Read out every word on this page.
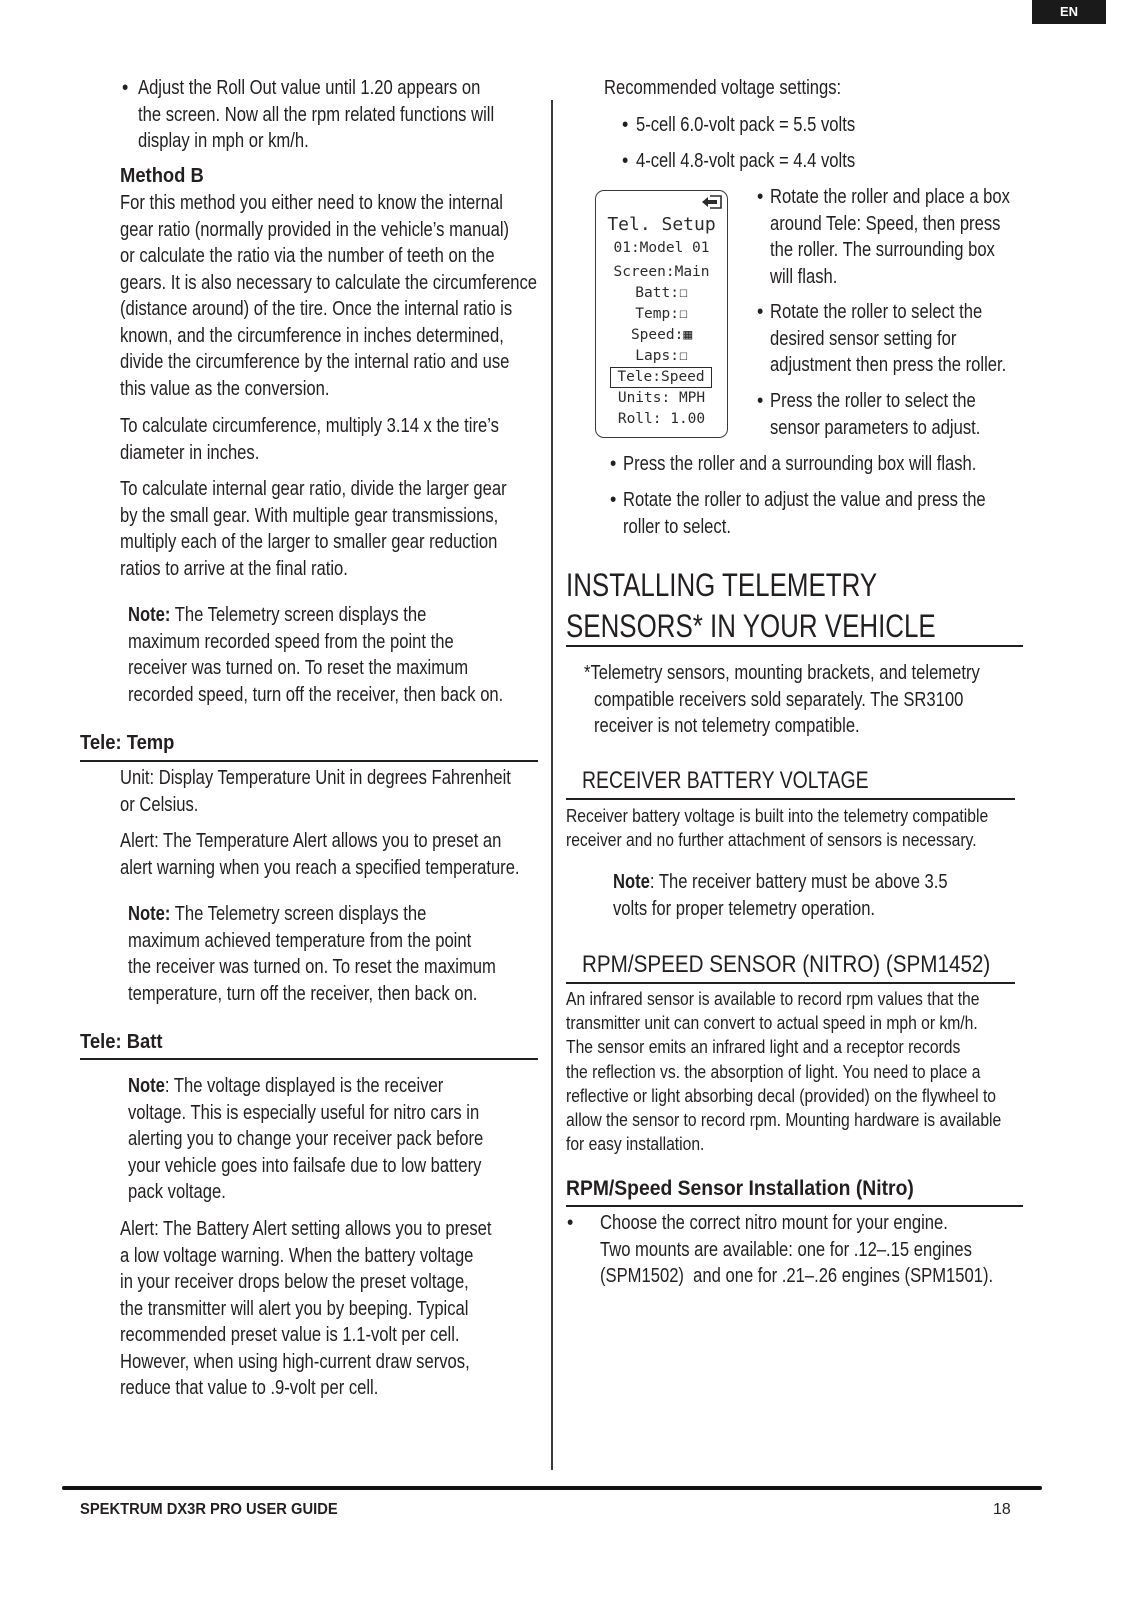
EN
• Adjust the Roll Out value until 1.20 appears on
the screen. Now all the rpm related functions will
display in mph or km/h.
Method B
For this method you either need to know the internal
gear ratio (normally provided in the vehicle’s manual)
or calculate the ratio via the number of teeth on the
gears. It is also necessary to calculate the circumference
(distance around) of the tire. Once the internal ratio is
known, and the circumference in inches determined,
divide the circumference by the internal ratio and use
this value as the conversion.
To calculate circumference, multiply 3.14 x the tire’s
diameter in inches.
To calculate internal gear ratio, divide the larger gear
by the small gear. With multiple gear transmissions,
multiply each of the larger to smaller gear reduction
ratios to arrive at the final ratio.
Note: The Telemetry screen displays the
maximum recorded speed from the point the
receiver was turned on. To reset the maximum
recorded speed, turn off the receiver, then back on.
Tele: Temp
Unit: Display Temperature Unit in degrees Fahrenheit
or Celsius.
Alert: The Temperature Alert allows you to preset an
alert warning when you reach a specified temperature.
Note: The Telemetry screen displays the
maximum achieved temperature from the point
the receiver was turned on. To reset the maximum
temperature, turn off the receiver, then back on.
Tele: Batt
Note: The voltage displayed is the receiver
voltage. This is especially useful for nitro cars in
alerting you to change your receiver pack before
your vehicle goes into failsafe due to low battery
pack voltage.
Alert: The Battery Alert setting allows you to preset
a low voltage warning. When the battery voltage
in your receiver drops below the preset voltage,
the transmitter will alert you by beeping. Typical
recommended preset value is 1.1-volt per cell.
However, when using high-current draw servos,
reduce that value to .9-volt per cell.
Recommended voltage settings:
• 5-cell 6.0-volt pack = 5.5 volts
• 4-cell 4.8-volt pack = 4.4 volts
Tel. Setup
01:Model 01
Screen:Main
Batt:☐
Temp:☐
Speed:▦
Laps:☐
Tele:Speed
Units: MPH
Roll: 1.00
• Rotate the roller and place a box
around Tele: Speed, then press
the roller. The surrounding box
will flash.
• Rotate the roller to select the
desired sensor setting for
adjustment then press the roller.
• Press the roller to select the
sensor parameters to adjust.
• Press the roller and a surrounding box will flash.
• Rotate the roller to adjust the value and press the
roller to select.
INSTALLING TELEMETRY
SENSORS* IN YOUR VEHICLE
*Telemetry sensors, mounting brackets, and telemetry
compatible receivers sold separately. The SR3100
receiver is not telemetry compatible.
RECEIVER BATTERY VOLTAGE
Receiver battery voltage is built into the telemetry compatible
receiver and no further attachment of sensors is necessary.
Note: The receiver battery must be above 3.5
volts for proper telemetry operation.
RPM/SPEED SENSOR (NITRO) (SPM1452)
An infrared sensor is available to record rpm values that the
transmitter unit can convert to actual speed in mph or km/h.
The sensor emits an infrared light and a receptor records
the reflection vs. the absorption of light. You need to place a
reflective or light absorbing decal (provided) on the flywheel to
allow the sensor to record rpm. Mounting hardware is available
for easy installation.
RPM/Speed Sensor Installation (Nitro)
• Choose the correct nitro mount for your engine.
Two mounts are available: one for .12–.15 engines
(SPM1502)  and one for .21–.26 engines (SPM1501).
SPEKTRUM DX3R PRO USER GUIDE	18
